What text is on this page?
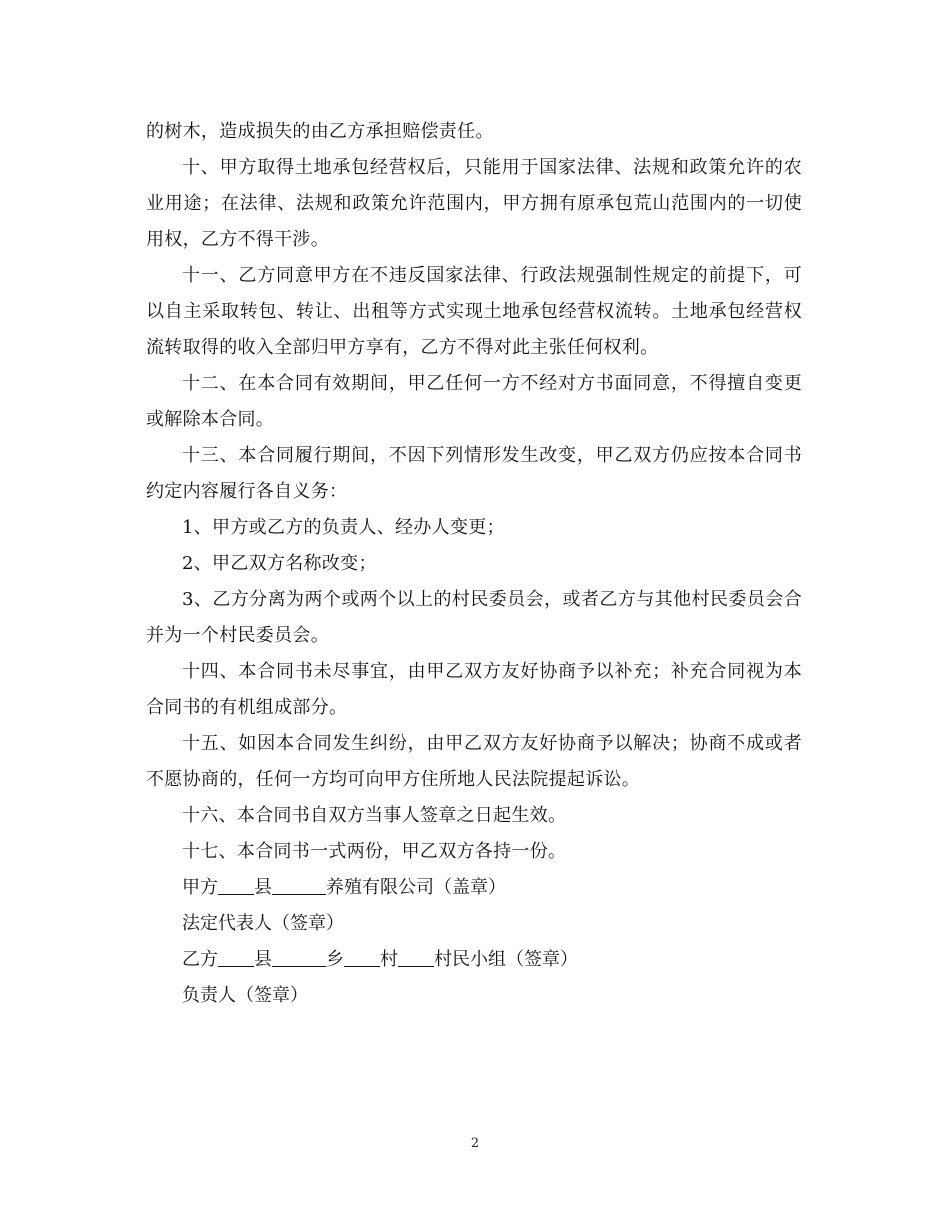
的树木，造成损失的由乙方承担赔偿责任。

十、甲方取得土地承包经营权后，只能用于国家法律、法规和政策允许的农业用途；在法律、法规和政策允许范围内，甲方拥有原承包荒山范围内的一切使用权，乙方不得干涉。

十一、乙方同意甲方在不违反国家法律、行政法规强制性规定的前提下，可以自主采取转包、转让、出租等方式实现土地承包经营权流转。土地承包经营权流转取得的收入全部归甲方享有，乙方不得对此主张任何权利。

十二、在本合同有效期间，甲乙任何一方不经对方书面同意，不得擅自变更或解除本合同。

十三、本合同履行期间，不因下列情形发生改变，甲乙双方仍应按本合同书约定内容履行各自义务：

1、甲方或乙方的负责人、经办人变更；

2、甲乙双方名称改变；

3、乙方分离为两个或两个以上的村民委员会，或者乙方与其他村民委员会合并为一个村民委员会。

十四、本合同书未尽事宜，由甲乙双方友好协商予以补充；补充合同视为本合同书的有机组成部分。

十五、如因本合同发生纠纷，由甲乙双方友好协商予以解决；协商不成或者不愿协商的，任何一方均可向甲方住所地人民法院提起诉讼。

十六、本合同书自双方当事人签章之日起生效。

十七、本合同书一式两份，甲乙双方各持一份。

甲方 县	养殖有限公司（盖章）

法定代表人（签章）

乙方 县	乡 村 村民小组（签章）

负责人（签章）

2
